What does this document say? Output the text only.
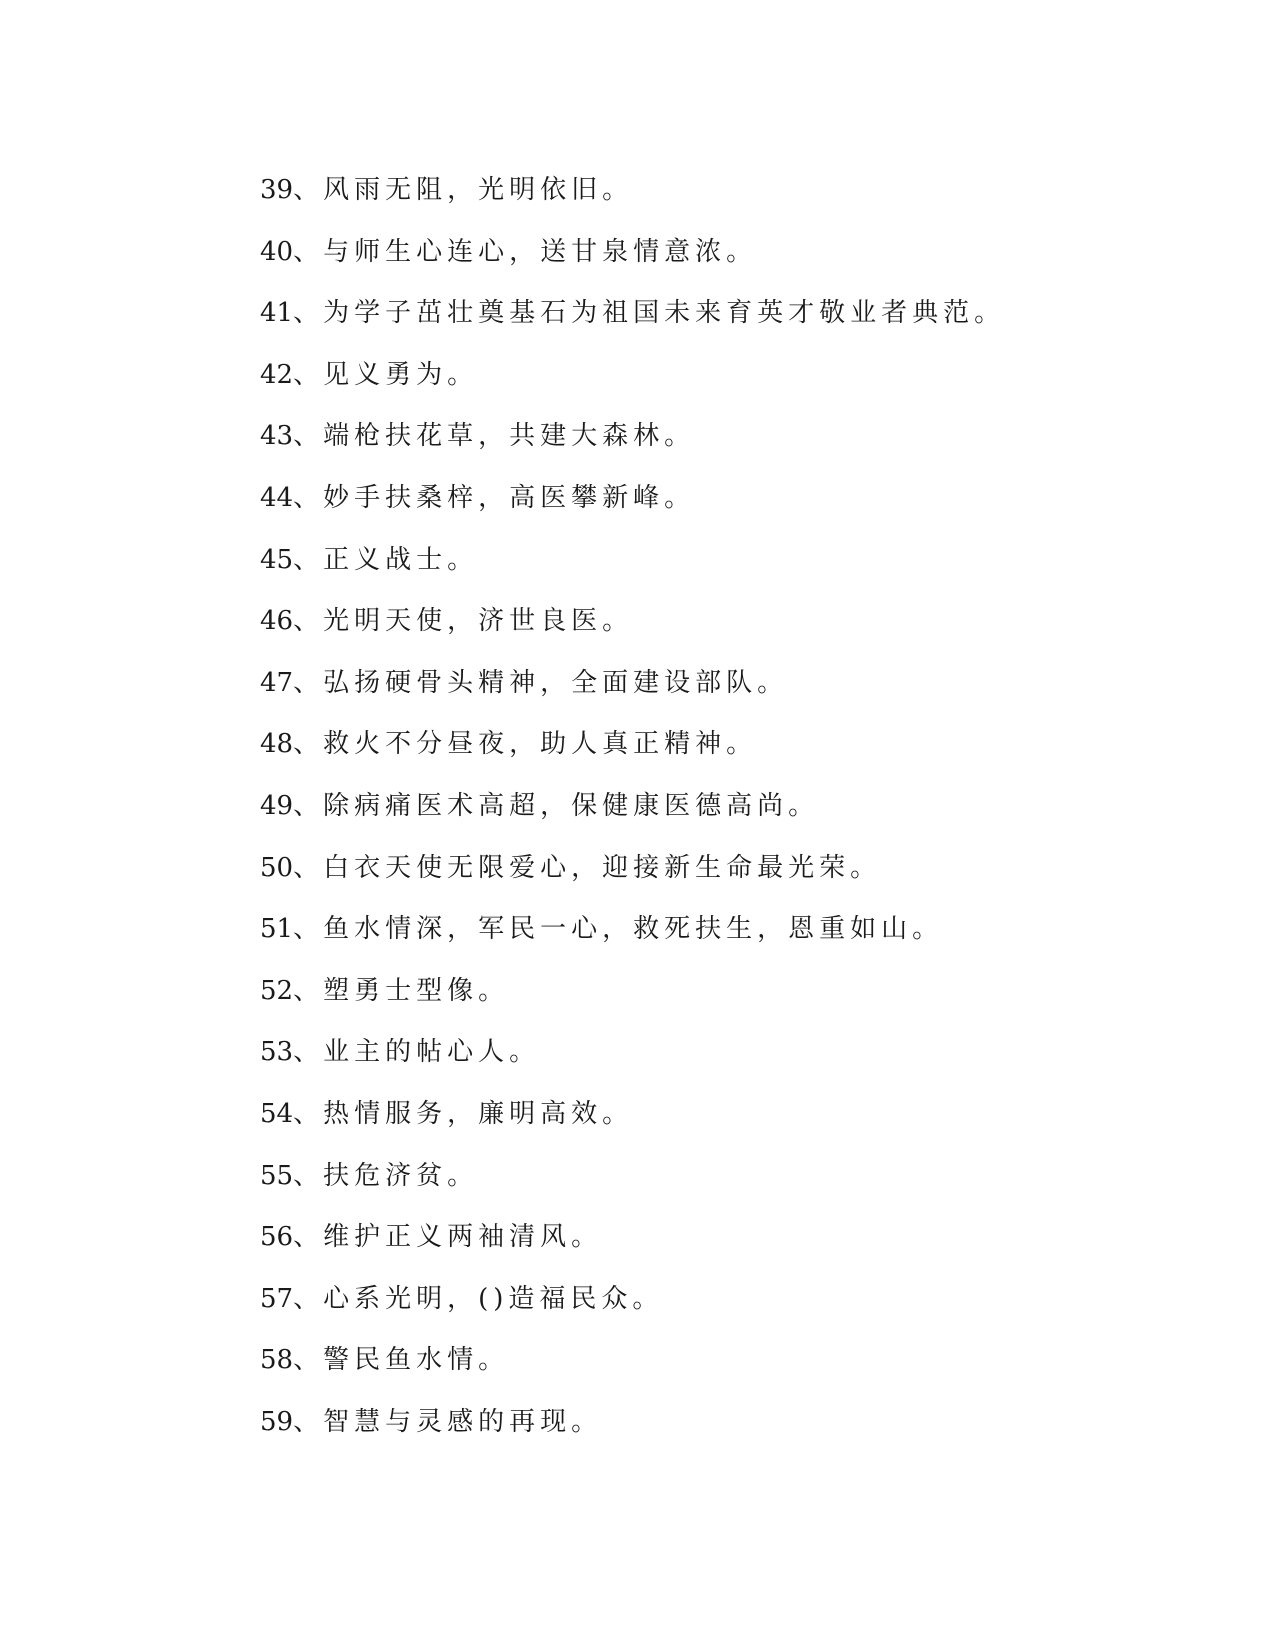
39、风雨无阻，光明依旧。
40、与师生心连心，送甘泉情意浓。
41、为学子茁壮奠基石为祖国未来育英才敬业者典范。
42、见义勇为。
43、端枪扶花草，共建大森林。
44、妙手扶桑梓，高医攀新峰。
45、正义战士。
46、光明天使，济世良医。
47、弘扬硬骨头精神，全面建设部队。
48、救火不分昼夜，助人真正精神。
49、除病痛医术高超，保健康医德高尚。
50、白衣天使无限爱心，迎接新生命最光荣。
51、鱼水情深，军民一心，救死扶生，恩重如山。
52、塑勇士型像。
53、业主的帖心人。
54、热情服务，廉明高效。
55、扶危济贫。
56、维护正义两袖清风。
57、心系光明，()造福民众。
58、警民鱼水情。
59、智慧与灵感的再现。
